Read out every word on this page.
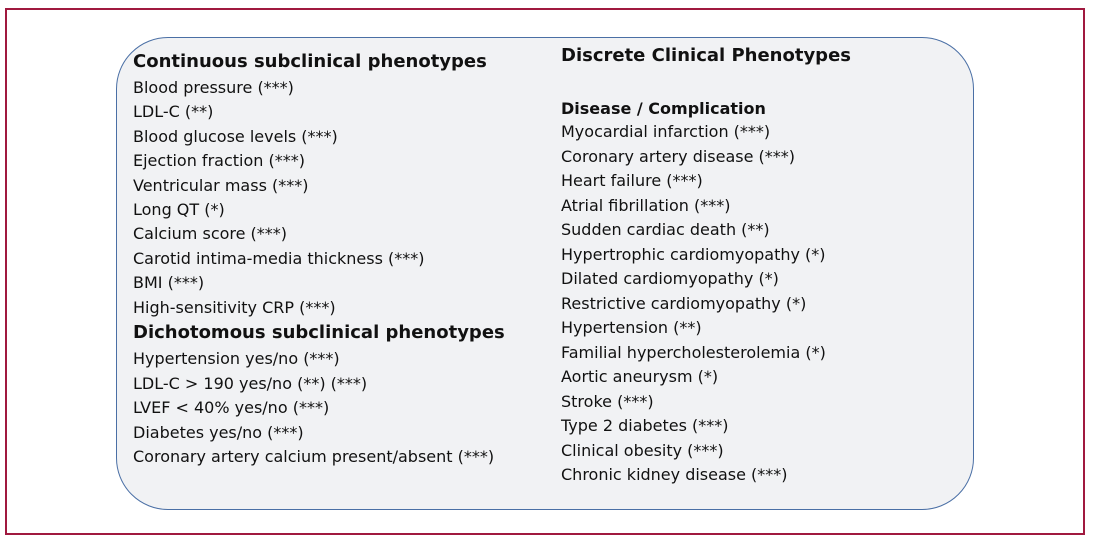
Continuous subclinical phenotypes
Blood pressure (***)
LDL-C (**)
Blood glucose levels (***)
Ejection fraction (***)
Ventricular mass (***)
Long QT (*)
Calcium score (***)
Carotid intima-media thickness (***)
BMI (***)
High-sensitivity CRP (***)
Dichotomous subclinical phenotypes
Hypertension yes/no (***)
LDL-C > 190 yes/no (**) (***)
LVEF < 40% yes/no (***)
Diabetes yes/no (***)
Coronary artery calcium present/absent (***)
Discrete Clinical Phenotypes
Disease / Complication
Myocardial infarction (***)
Coronary artery disease (***)
Heart failure (***)
Atrial fibrillation (***)
Sudden cardiac death (**)
Hypertrophic cardiomyopathy (*)
Dilated cardiomyopathy (*)
Restrictive cardiomyopathy (*)
Hypertension (**)
Familial hypercholesterolemia (*)
Aortic aneurysm (*)
Stroke (***)
Type 2 diabetes (***)
Clinical obesity (***)
Chronic kidney disease (***)
